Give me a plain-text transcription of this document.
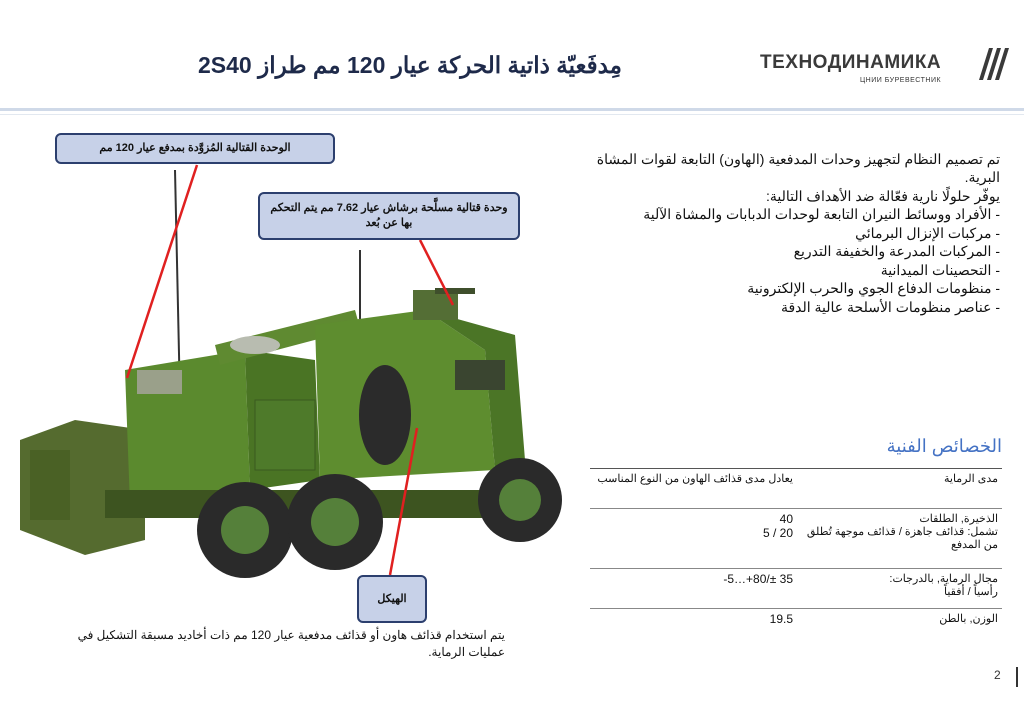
مِدفَعيّة ذاتية الحركة عيار 120 مم طراز 2S40	ТЕХНОДИНАМИКА
ЦНИИ БУРЕВЕСТНИК
الوحدة القتالية المُزوَّدة بمدفع عيار 120 مم
وحدة قتالية مسلَّحة برشاش عيار 7.62 مم يتم التحكم بها عن بُعد
الهيكل
يتم استخدام قذائف هاون أو قذائف مدفعية عيار 120 مم ذات أخاديد مسبقة التشكيل في عمليات الرماية.
تم تصميم النظام لتجهيز وحدات المدفعية (الهاون) التابعة لقوات المشاة البرية.
يوفّر حلولًا نارية فعّالة ضد الأهداف التالية:
- الأفراد ووسائط النيران التابعة لوحدات الدبابات والمشاة الآلية
- مركبات الإنزال البرمائي
- المركبات المدرعة والخفيفة التدريع
- التحصينات الميدانية
- منظومات الدفاع الجوي والحرب الإلكترونية
- عناصر منظومات الأسلحة عالية الدقة
الخصائص الفنية
مدى الرماية
يعادل مدى قذائف الهاون من النوع المناسب
الذخيرة, الطلقات
تشمل: قذائف جاهزة / قذائف موجهة تُطلق من المدفع
40
20 / 5
مجال الرماية, بالدرجات:
رأسياً / أفقياً
-5…+80/± 35
الوزن, بالطن
19.5
2
